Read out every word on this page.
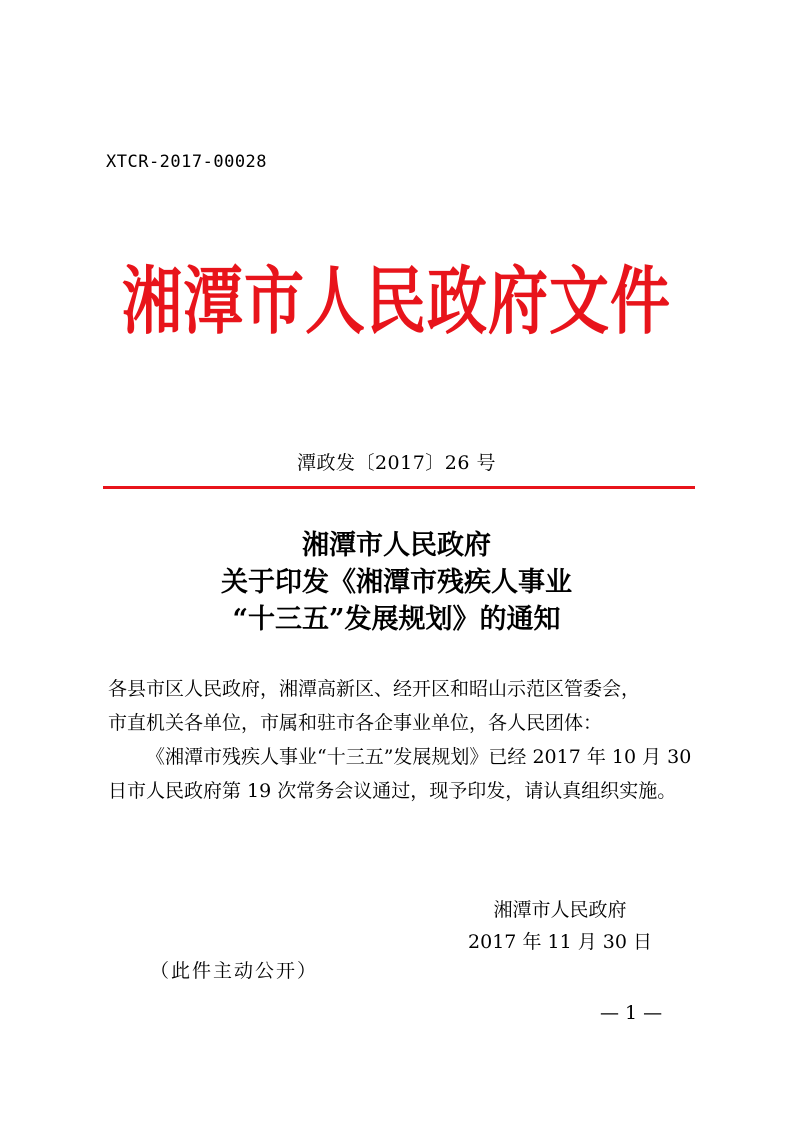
XTCR-2017-00028
湘潭市人民政府文件
潭政发〔2017〕26 号
湘潭市人民政府
关于印发《湘潭市残疾人事业
“十三五”发展规划》的通知

各县市区人民政府，湘潭高新区、经开区和昭山示范区管委会，

市直机关各单位，市属和驻市各企事业单位，各人民团体：

《湘潭市残疾人事业“十三五”发展规划》已经 2017 年 10 月 30 日市人民政府第 19 次常务会议通过，现予印发，请认真组织实施。

湘潭市人民政府
2017 年 11 月 30 日
（此件主动公开）
— 1 —
